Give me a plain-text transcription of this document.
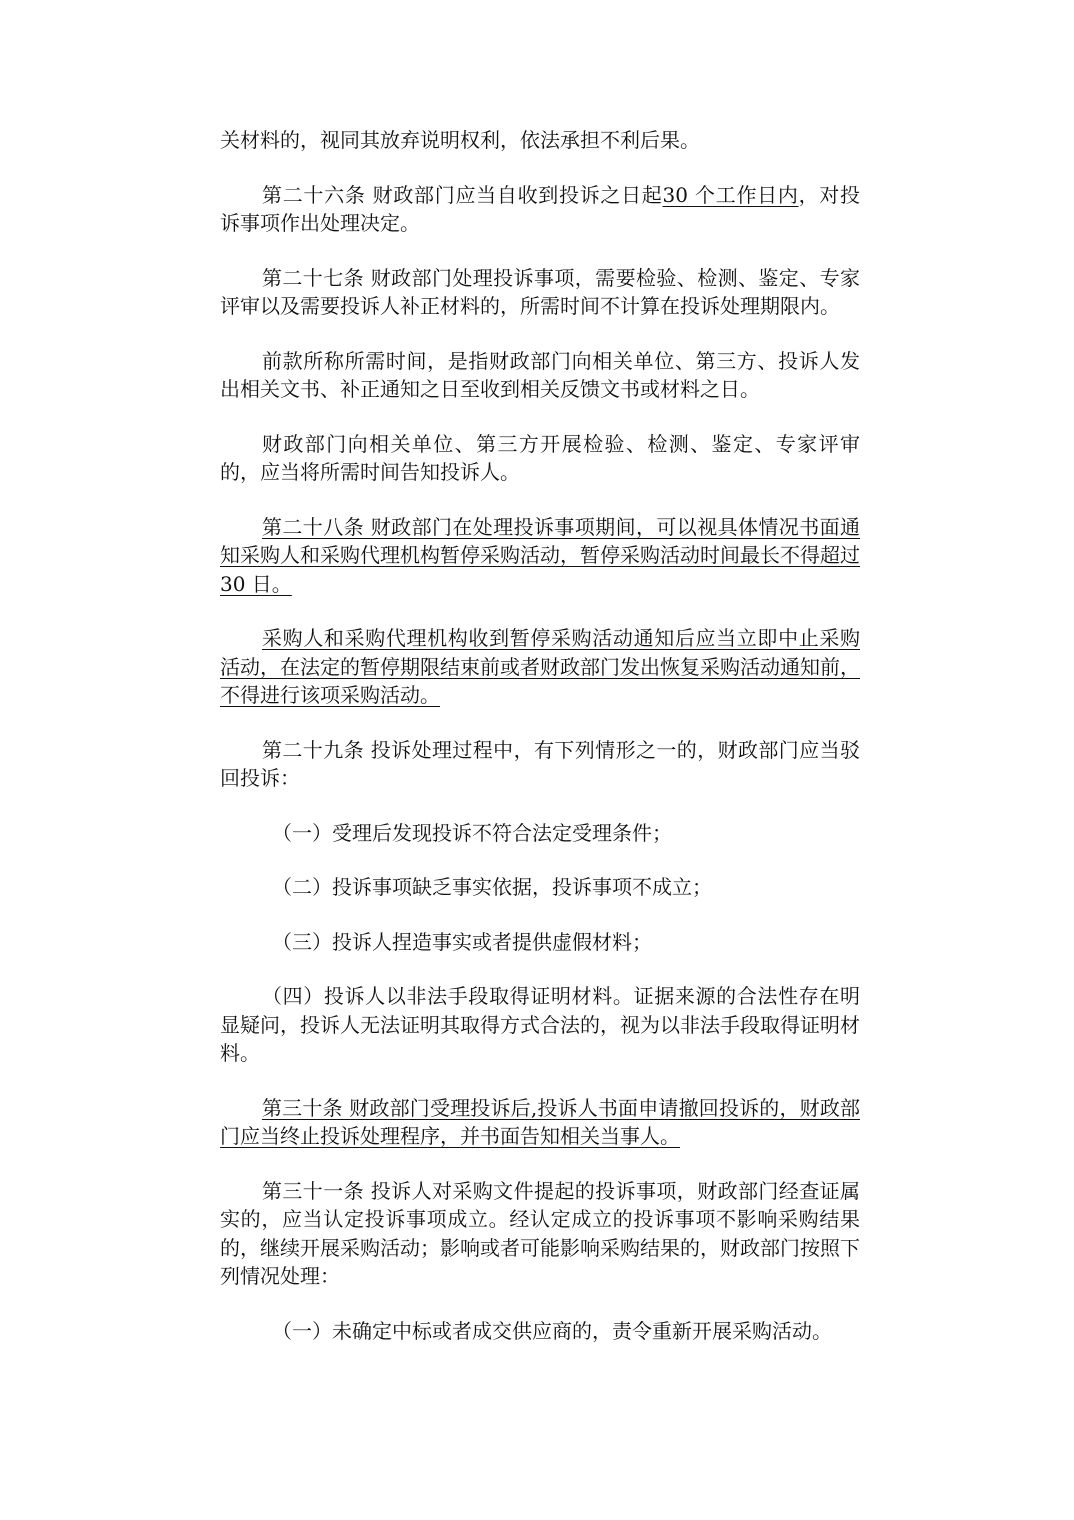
关材料的，视同其放弃说明权利，依法承担不利后果。

第二十六条 财政部门应当自收到投诉之日起30 个工作日内，对投诉事项作出处理决定。

第二十七条 财政部门处理投诉事项，需要检验、检测、鉴定、专家评审以及需要投诉人补正材料的，所需时间不计算在投诉处理期限内。

前款所称所需时间，是指财政部门向相关单位、第三方、投诉人发出相关文书、补正通知之日至收到相关反馈文书或材料之日。

财政部门向相关单位、第三方开展检验、检测、鉴定、专家评审的，应当将所需时间告知投诉人。

第二十八条 财政部门在处理投诉事项期间，可以视具体情况书面通知采购人和采购代理机构暂停采购活动，暂停采购活动时间最长不得超过 30 日。

采购人和采购代理机构收到暂停采购活动通知后应当立即中止采购活动，在法定的暂停期限结束前或者财政部门发出恢复采购活动通知前，不得进行该项采购活动。

第二十九条 投诉处理过程中，有下列情形之一的，财政部门应当驳回投诉：

（一）受理后发现投诉不符合法定受理条件；

（二）投诉事项缺乏事实依据，投诉事项不成立；

（三）投诉人捏造事实或者提供虚假材料；

（四）投诉人以非法手段取得证明材料。证据来源的合法性存在明显疑问，投诉人无法证明其取得方式合法的，视为以非法手段取得证明材料。

第三十条 财政部门受理投诉后,投诉人书面申请撤回投诉的，财政部门应当终止投诉处理程序，并书面告知相关当事人。

第三十一条 投诉人对采购文件提起的投诉事项，财政部门经查证属实的，应当认定投诉事项成立。经认定成立的投诉事项不影响采购结果的，继续开展采购活动；影响或者可能影响采购结果的，财政部门按照下列情况处理：

（一）未确定中标或者成交供应商的，责令重新开展采购活动。
